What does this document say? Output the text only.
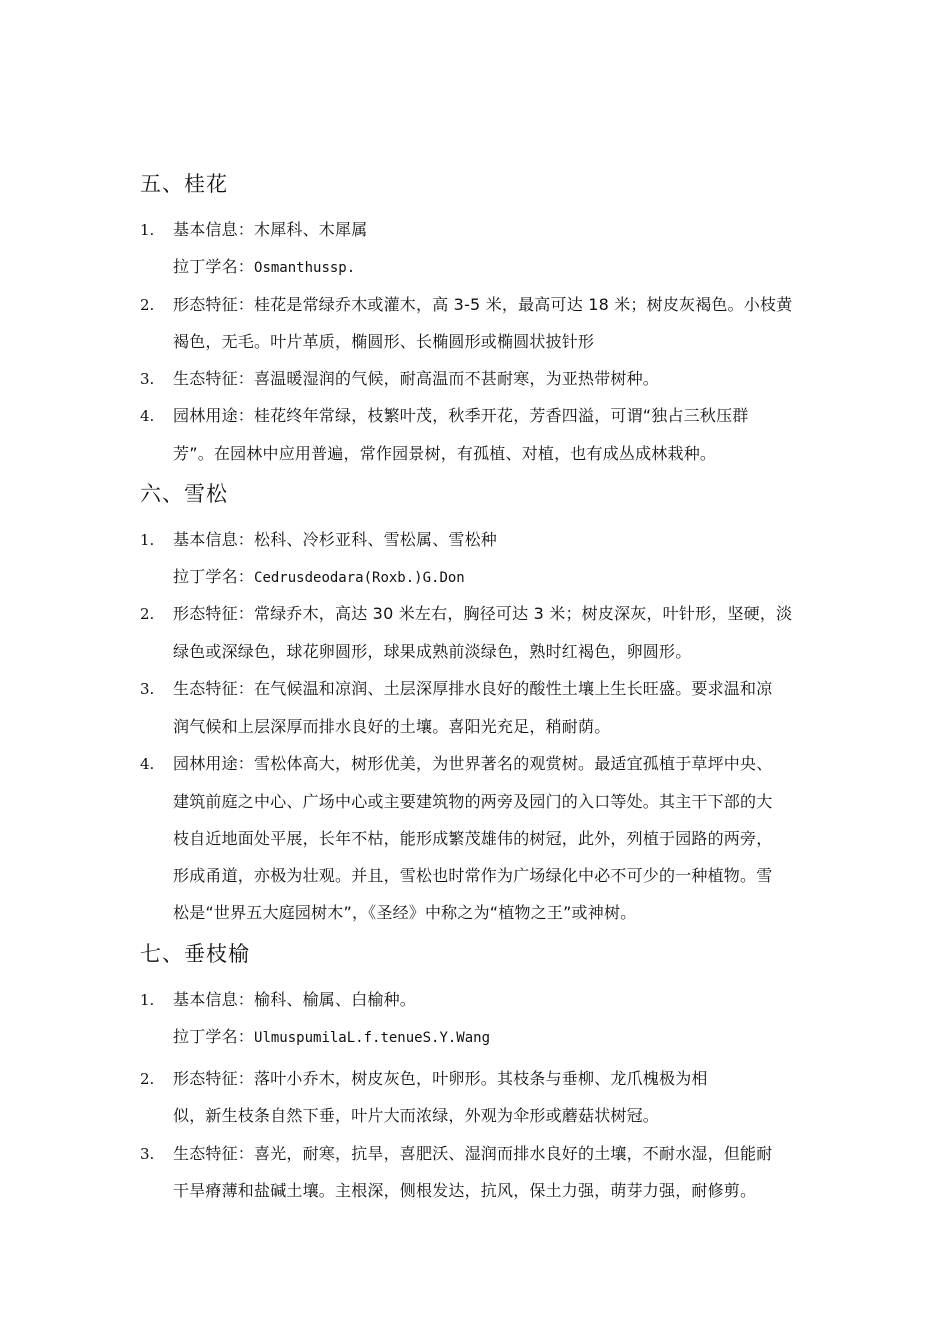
五、桂花
1. 基本信息：木犀科、木犀属
拉丁学名：Osmanthussp.
2. 形态特征：桂花是常绿乔木或灌木，高 3-5 米，最高可达 18 米；树皮灰褐色。小枝黄
褐色，无毛。叶片革质，椭圆形、长椭圆形或椭圆状披针形
3. 生态特征：喜温暖湿润的气候，耐高温而不甚耐寒，为亚热带树种。
4. 园林用途：桂花终年常绿，枝繁叶茂，秋季开花，芳香四溢，可谓“独占三秋压群
芳”。在园林中应用普遍，常作园景树，有孤植、对植，也有成丛成林栽种。
六、雪松
1. 基本信息：松科、冷杉亚科、雪松属、雪松种
拉丁学名：Cedrusdeodara(Roxb.)G.Don
2. 形态特征：常绿乔木，高达 30 米左右，胸径可达 3 米；树皮深灰，叶针形，坚硬，淡
绿色或深绿色，球花卵圆形，球果成熟前淡绿色，熟时红褐色，卵圆形。
3. 生态特征：在气候温和凉润、土层深厚排水良好的酸性土壤上生长旺盛。要求温和凉
润气候和上层深厚而排水良好的土壤。喜阳光充足，稍耐荫。
4. 园林用途：雪松体高大，树形优美，为世界著名的观赏树。最适宜孤植于草坪中央、
建筑前庭之中心、广场中心或主要建筑物的两旁及园门的入口等处。其主干下部的大
枝自近地面处平展，长年不枯，能形成繁茂雄伟的树冠，此外，列植于园路的两旁，
形成甬道，亦极为壮观。并且，雪松也时常作为广场绿化中必不可少的一种植物。雪
松是“世界五大庭园树木”，《圣经》中称之为“植物之王”或神树。
七、垂枝榆
1. 基本信息：榆科、榆属、白榆种。
拉丁学名：UlmuspumilaL.f.tenueS.Y.Wang
2. 形态特征：落叶小乔木，树皮灰色，叶卵形。其枝条与垂柳、龙爪槐极为相
似，新生枝条自然下垂，叶片大而浓绿，外观为伞形或蘑菇状树冠。
3. 生态特征：喜光，耐寒，抗旱，喜肥沃、湿润而排水良好的土壤，不耐水湿，但能耐
干旱瘠薄和盐碱土壤。主根深，侧根发达，抗风，保土力强，萌芽力强，耐修剪。
